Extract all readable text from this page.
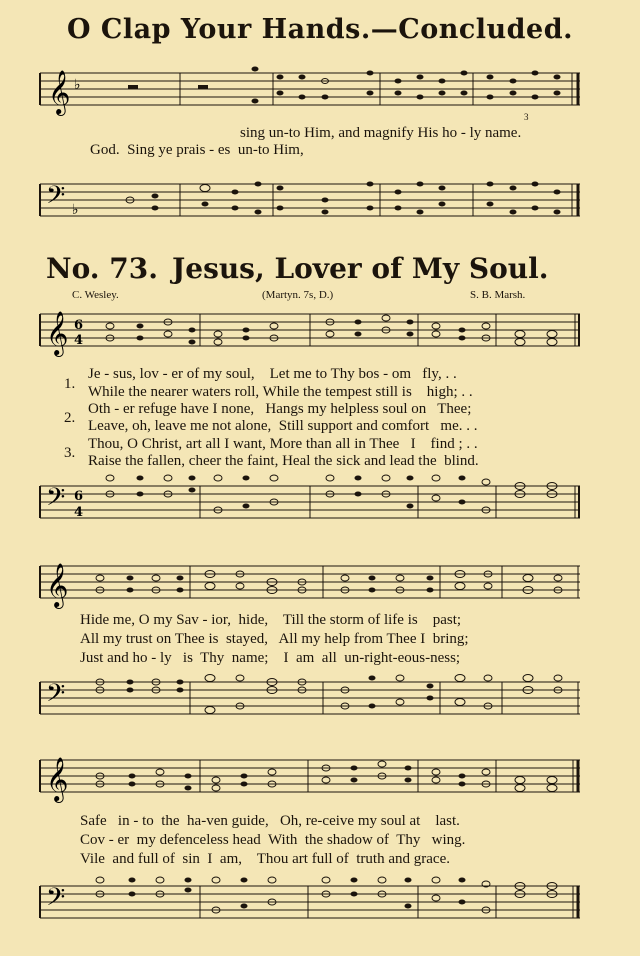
O Clap Your Hands.—Concluded.
𝄞 ♭
sing un-to Him, and magnify His ho - ly name.
God.  Sing ye prais - es  un-to Him,
3
𝄢 ♭
No. 73. Jesus, Lover of My Soul.
C. Wesley.	(Martyn. 7s, D.)	S. B. Marsh.
𝄞 6
4
1.
Je - sus, lov - er of my soul,    Let me to Thy bos - om   fly, . .
While the nearer waters roll, While the tempest still is    high; . .
2.
Oth - er refuge have I none,   Hangs my helpless soul on   Thee;
Leave, oh, leave me not alone,  Still support and comfort   me. . .
3.
Thou, O Christ, art all I want, More than all in Thee   I    find ; . .
Raise the fallen, cheer the faint, Heal the sick and lead the  blind.
𝄢 6
4
𝄞
Hide me, O my Sav - ior,  hide,    Till the storm of life is    past;
All my trust on Thee is  stayed,   All my help from Thee I  bring;
Just and ho - ly   is  Thy  name;    I  am  all  un-right-eous-ness;
𝄢
𝄞
Safe   in - to  the  ha-ven guide,   Oh, re-ceive my soul at    last.
Cov - er  my defenceless head  With  the shadow of  Thy   wing.
Vile  and full of  sin  I  am,    Thou art full of  truth and grace.
𝄢
